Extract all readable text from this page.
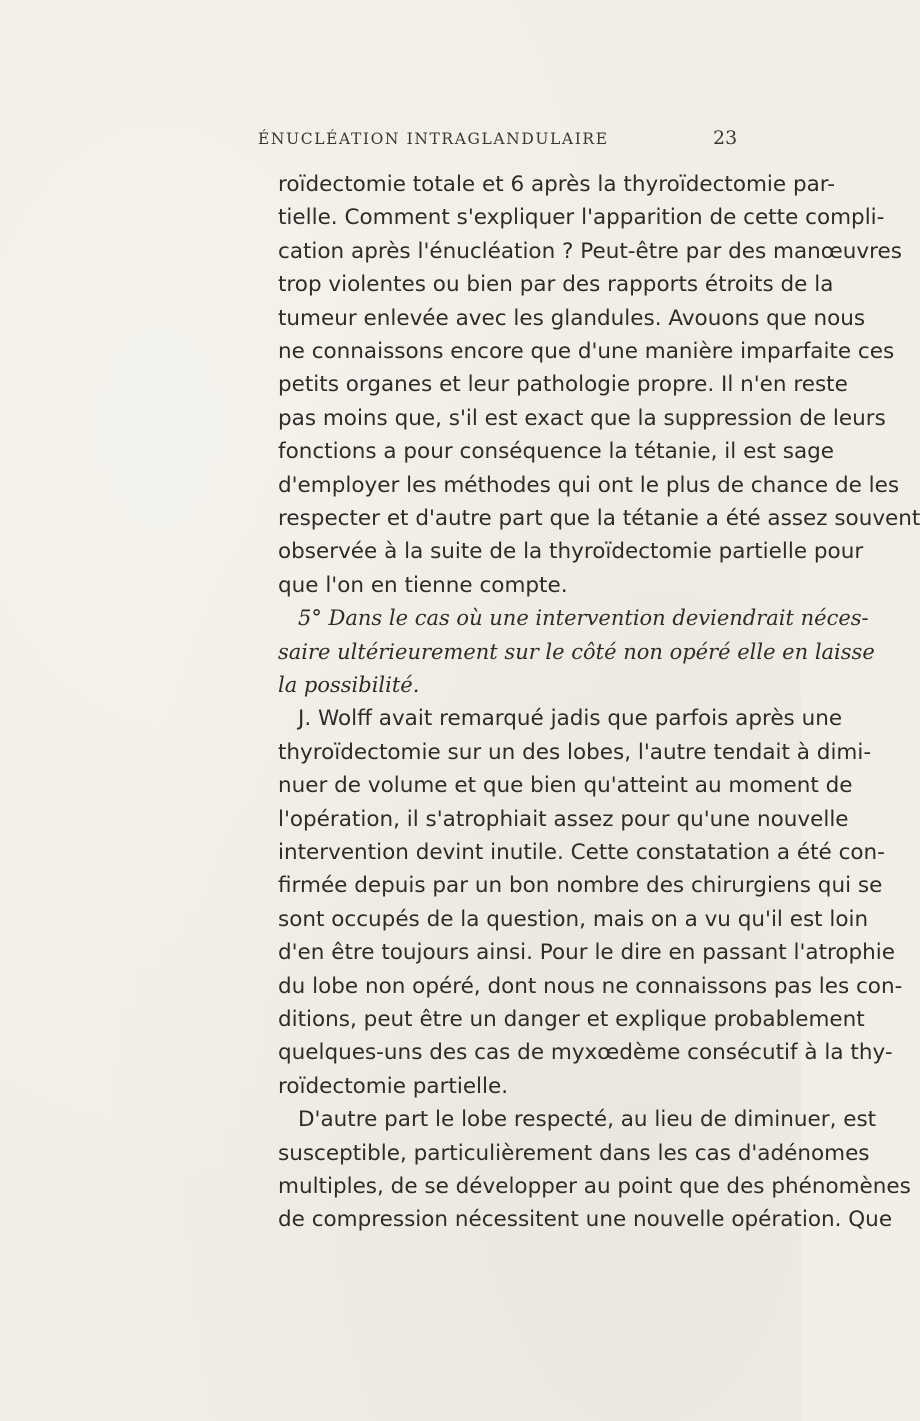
ÉNUCLÉATION INTRAGLANDULAIRE	23
roïdectomie totale et 6 après la thyroïdectomie par-
tielle. Comment s'expliquer l'apparition de cette compli-
cation après l'énucléation ? Peut-être par des manœuvres
trop violentes ou bien par des rapports étroits de la
tumeur enlevée avec les glandules. Avouons que nous
ne connaissons encore que d'une manière imparfaite ces
petits organes et leur pathologie propre. Il n'en reste
pas moins que, s'il est exact que la suppression de leurs
fonctions a pour conséquence la tétanie, il est sage
d'employer les méthodes qui ont le plus de chance de les
respecter et d'autre part que la tétanie a été assez souvent
observée à la suite de la thyroïdectomie partielle pour
que l'on en tienne compte.
5° Dans le cas où une intervention deviendrait néces-
saire ultérieurement sur le côté non opéré elle en laisse
la possibilité.
J. Wolff avait remarqué jadis que parfois après une
thyroïdectomie sur un des lobes, l'autre tendait à dimi-
nuer de volume et que bien qu'atteint au moment de
l'opération, il s'atrophiait assez pour qu'une nouvelle
intervention devint inutile. Cette constatation a été con-
firmée depuis par un bon nombre des chirurgiens qui se
sont occupés de la question, mais on a vu qu'il est loin
d'en être toujours ainsi. Pour le dire en passant l'atrophie
du lobe non opéré, dont nous ne connaissons pas les con-
ditions, peut être un danger et explique probablement
quelques-uns des cas de myxœdème consécutif à la thy-
roïdectomie partielle.
D'autre part le lobe respecté, au lieu de diminuer, est
susceptible, particulièrement dans les cas d'adénomes
multiples, de se développer au point que des phénomènes
de compression nécessitent une nouvelle opération. Que
